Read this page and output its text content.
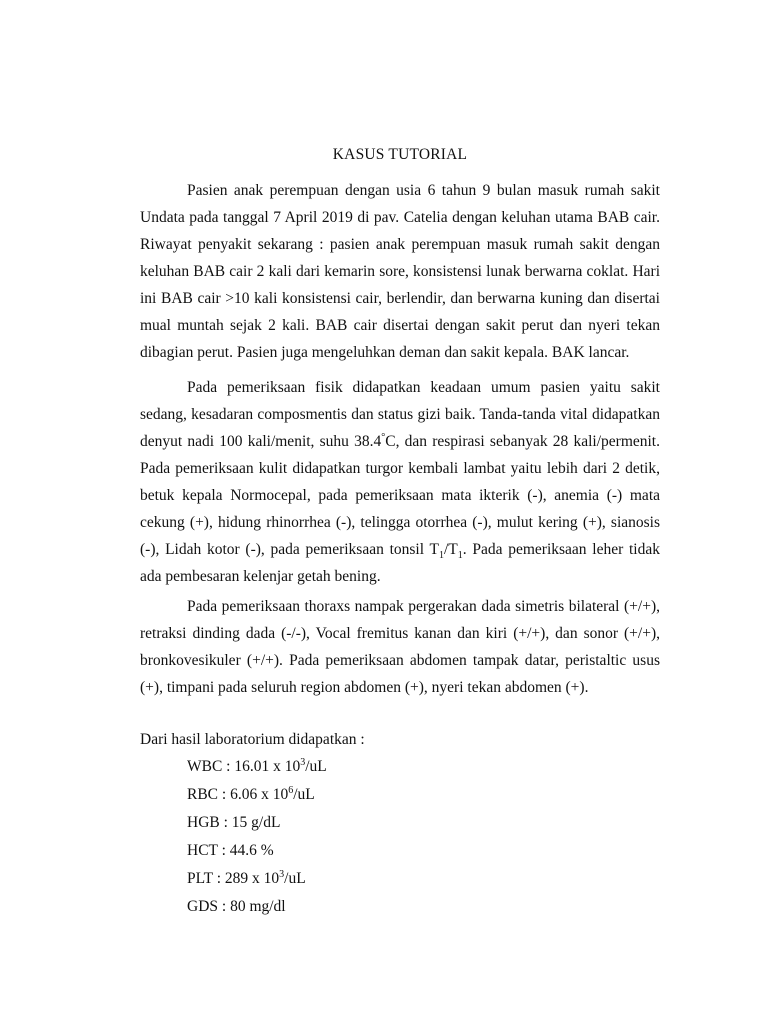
KASUS TUTORIAL

Pasien anak perempuan dengan usia 6 tahun 9 bulan masuk rumah sakit Undata pada tanggal 7 April 2019 di pav. Catelia dengan keluhan utama BAB cair. Riwayat penyakit sekarang : pasien anak perempuan masuk rumah sakit dengan keluhan BAB cair 2 kali dari kemarin sore, konsistensi lunak berwarna coklat. Hari ini BAB cair >10 kali konsistensi cair, berlendir, dan berwarna kuning dan disertai mual muntah sejak 2 kali. BAB cair disertai dengan sakit perut dan nyeri tekan dibagian perut. Pasien juga mengeluhkan deman dan sakit kepala. BAK lancar.

Pada pemeriksaan fisik didapatkan keadaan umum pasien yaitu sakit sedang, kesadaran composmentis dan status gizi baik. Tanda-tanda vital didapatkan denyut nadi 100 kali/menit, suhu 38.4°C, dan respirasi sebanyak 28 kali/permenit. Pada pemeriksaan kulit didapatkan turgor kembali lambat yaitu lebih dari 2 detik, betuk kepala Normocepal, pada pemeriksaan mata ikterik (-), anemia (-) mata cekung (+), hidung rhinorrhea (-), telingga otorrhea (-), mulut kering (+), sianosis (-), Lidah kotor (-), pada pemeriksaan tonsil $T_1/T_1$. Pada pemeriksaan leher tidak ada pembesaran kelenjar getah bening.

Pada pemeriksaan thoraxs nampak pergerakan dada simetris bilateral (+/+), retraksi dinding dada (-/-), Vocal fremitus kanan dan kiri (+/+), dan sonor (+/+), bronkovesikuler (+/+). Pada pemeriksaan abdomen tampak datar, peristaltic usus (+), timpani pada seluruh region abdomen (+), nyeri tekan abdomen (+).

Dari hasil laboratorium didapatkan :
WBC : 16.01 x $10^3/uL$
RBC : 6.06 x $10^6/uL$
HGB : 15 g/dL
HCT : 44.6 %
PLT : 289 x $10^3/uL$
GDS : 80 mg/dl
